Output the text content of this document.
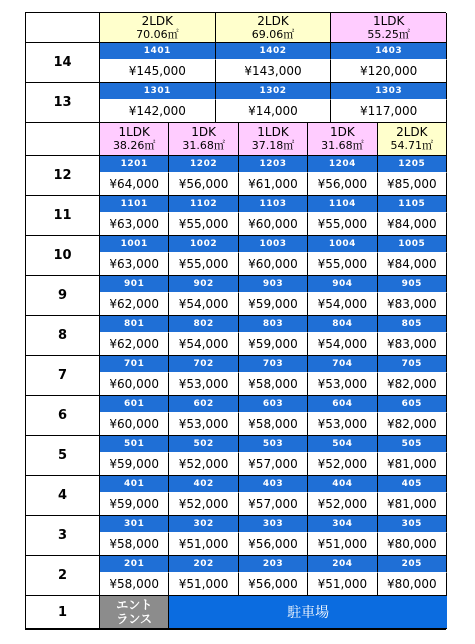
2LDK
70.06㎡
2LDK
69.06㎡
1LDK
55.25㎡
14
1401
¥145,000
1402
¥143,000
1403
¥120,000
13
1301
¥142,000
1302
¥14,000
1303
¥117,000
1LDK
38.26㎡
1DK
31.68㎡
1LDK
37.18㎡
1DK
31.68㎡
2LDK
54.71㎡
12
1201
¥64,000
1202
¥56,000
1203
¥61,000
1204
¥56,000
1205
¥85,000
11
1101
¥63,000
1102
¥55,000
1103
¥60,000
1104
¥55,000
1105
¥84,000
10
1001
¥63,000
1002
¥55,000
1003
¥60,000
1004
¥55,000
1005
¥84,000
9
901
¥62,000
902
¥54,000
903
¥59,000
904
¥54,000
905
¥83,000
8
801
¥62,000
802
¥54,000
803
¥59,000
804
¥54,000
805
¥83,000
7
701
¥60,000
702
¥53,000
703
¥58,000
704
¥53,000
705
¥82,000
6
601
¥60,000
602
¥53,000
603
¥58,000
604
¥53,000
605
¥82,000
5
501
¥59,000
502
¥52,000
503
¥57,000
504
¥52,000
505
¥81,000
4
401
¥59,000
402
¥52,000
403
¥57,000
404
¥52,000
405
¥81,000
3
301
¥58,000
302
¥51,000
303
¥56,000
304
¥51,000
305
¥80,000
2
201
¥58,000
202
¥51,000
203
¥56,000
204
¥51,000
205
¥80,000
1	エント
ランス	駐車場
